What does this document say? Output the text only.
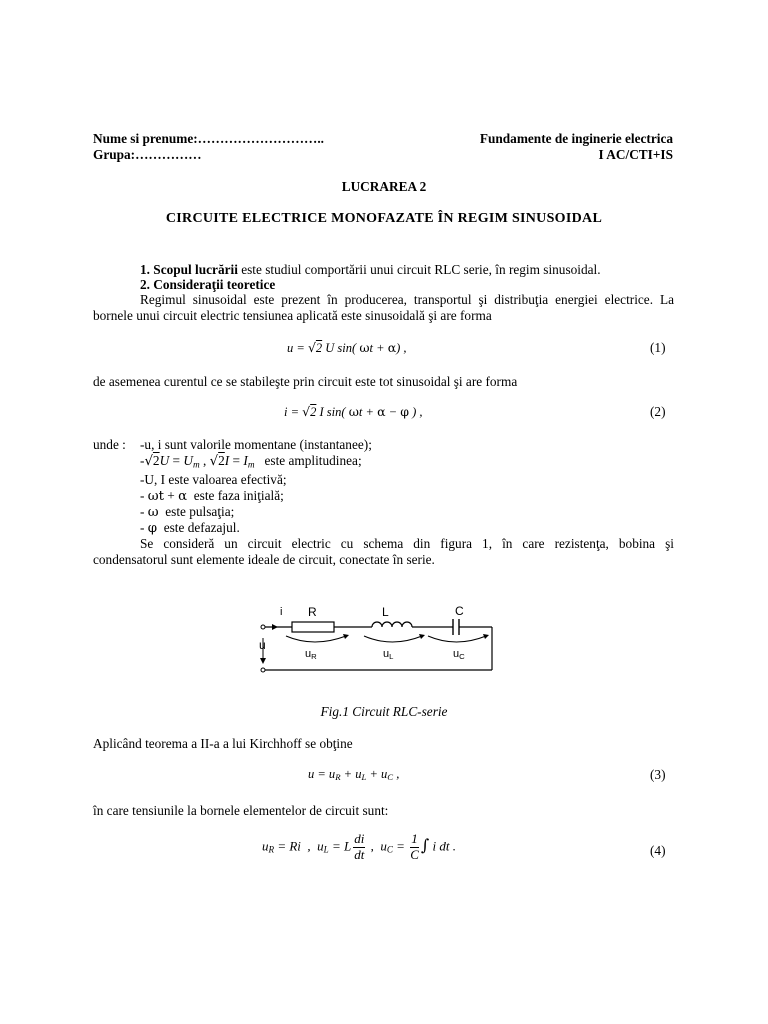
Nume si prenume:………………………..	Fundamente de inginerie electrica
Grupa:……………	I AC/CTI+IS
LUCRAREA 2
CIRCUITE ELECTRICE MONOFAZATE ÎN REGIM SINUSOIDAL
1. Scopul lucrării este studiul comportării unui circuit RLC serie, în regim sinusoidal.
2. Consideraţii teoretice
Regimul sinusoidal este prezent în producerea, transportul şi distribuţia energiei electrice. La
bornele unui circuit electric tensiunea aplicată este sinusoidală şi are forma
u = √2 U sin( ωt + α) ,	(1)
de asemenea curentul ce se stabileşte prin circuit este tot sinusoidal şi are forma
i = √2 I sin( ωt + α − φ ) ,	(2)
unde : -u, i sunt valorile momentane (instantanee);
$-√2U = U_m$ , $√2I = I_m$ este amplitudinea;
-U, I este valoarea efectivă;
- ωt + α este faza iniţială;
- ω este pulsaţia;
- φ este defazajul.
Se consideră un circuit electric cu schema din figura 1, în care rezistenţa, bobina şi
condensatorul sunt elemente ideale de circuit, conectate în serie.
i R	L	C
u
$u_R$	$u_L$	$u_C$
Fig.1 Circuit RLC-serie
Aplicând teorema a II-a a lui Kirchhoff se obţine
$u = u_R + u_L + u_C$ ,	(3)
în care tensiunile la bornele elementelor de circuit sunt:
$u_R = Ri$  ,  $u_L = L \frac{di}{dt}$ ,  $u_C = \frac{1}{C}$ ∫ i dt .	(4)
